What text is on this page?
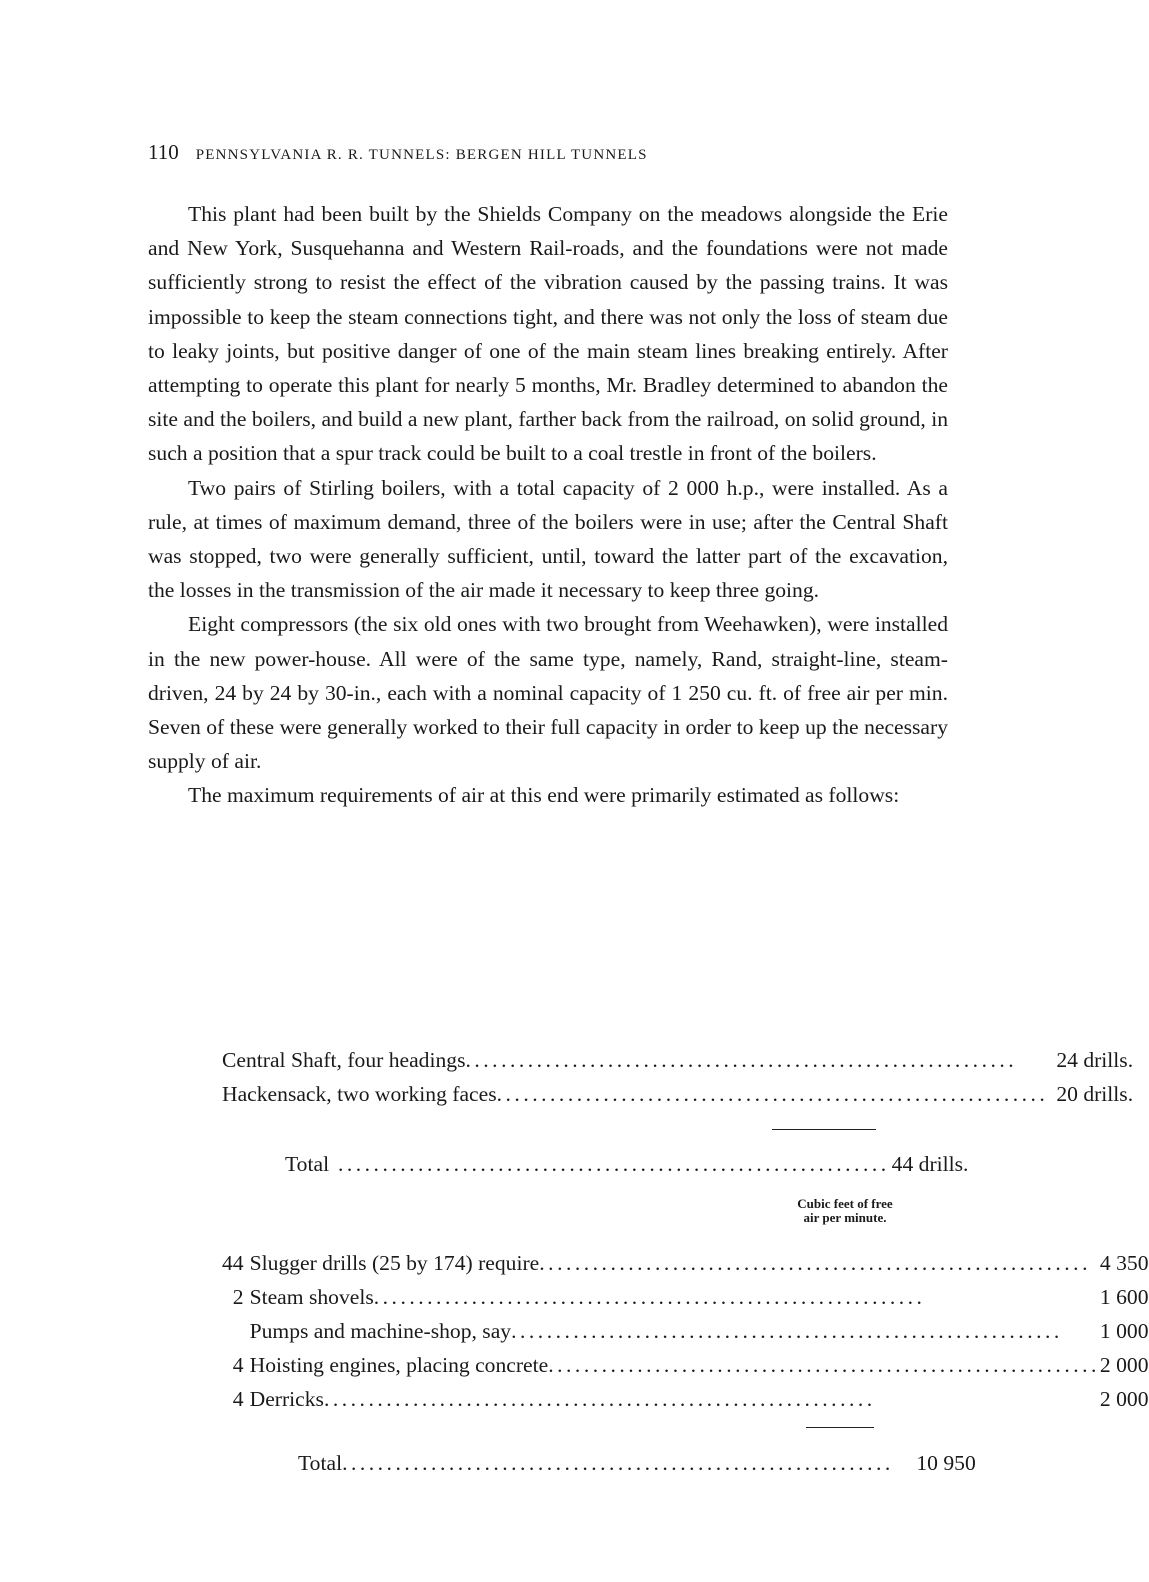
110 PENNSYLVANIA R. R. TUNNELS: BERGEN HILL TUNNELS

This plant had been built by the Shields Company on the meadows alongside the Erie and New York, Susquehanna and Western Rail-roads, and the foundations were not made sufficiently strong to resist the effect of the vibration caused by the passing trains. It was impossible to keep the steam connections tight, and there was not only the loss of steam due to leaky joints, but positive danger of one of the main steam lines breaking entirely. After attempting to operate this plant for nearly 5 months, Mr. Bradley determined to abandon the site and the boilers, and build a new plant, farther back from the railroad, on solid ground, in such a position that a spur track could be built to a coal trestle in front of the boilers.

Two pairs of Stirling boilers, with a total capacity of 2 000 h.p., were installed. As a rule, at times of maximum demand, three of the boilers were in use; after the Central Shaft was stopped, two were generally sufficient, until, toward the latter part of the excavation, the losses in the transmission of the air made it necessary to keep three going.

Eight compressors (the six old ones with two brought from Weehawken), were installed in the new power-house. All were of the same type, namely, Rand, straight-line, steam-driven, 24 by 24 by 30-in., each with a nominal capacity of 1 250 cu. ft. of free air per min. Seven of these were generally worked to their full capacity in order to keep up the necessary supply of air.

The maximum requirements of air at this end were primarily estimated as follows:

Central Shaft, four headings ..............................................................	24 drills.

Hackensack, two working faces ..............................................................	20 drills.
Total ..............................................................	44 drills.
Cubic feet of free air per minute.
44	Slugger drills (25 by 174) require ..............................................................	4 350
2	Steam shovels ..............................................................	1 600

	Pumps and machine-shop, say ..............................................................	1 000
4	Hoisting engines, placing concrete ..............................................................	2 000
4	Derricks ..............................................................	2 000
Total ..............................................................	10 950
